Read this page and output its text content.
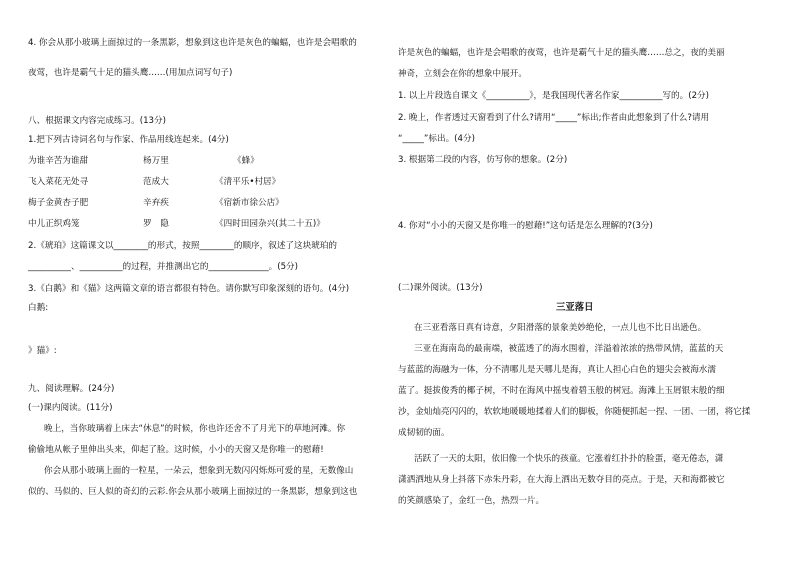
4. 你会从那小玻璃上面掠过的一条黑影，想象到这也许是灰色的蝙蝠，也许是会唱歌的
夜莺，也许是霸气十足的猫头鹰……(用加点词写句子)
八、根据课文内容完成练习。(13分)
1.把下列古诗词名句与作家、作品用线连起来。(4分)
为谁辛苦为谁甜	杨万里	《蜂》
飞入菜花无处寻	范成大	《清平乐•村居》
梅子金黄杏子肥	辛弃疾	《宿新市徐公店》
中儿正织鸡笼	罗　隐	《四时田园杂兴(其二十五)》
2.《琥珀》这篇课文以________的形式，按照________的顺序，叙述了这块琥珀的
__________、__________的过程，并推测出它的______________。(5分)
3.《白鹅》和《猫》这两篇文章的语言都很有特色。请你默写印象深刻的语句。(4分)
白鹅:
》猫》:
九、阅读理解。(24分)
(一)课内阅读。(11分)
晚上，当你玻璃着上床去“休息”的时候，你也许还舍不了月光下的草地河滩。你
偷偷地从帐子里伸出头来，仰起了脸。这时候，小小的天窗又是你唯一的慰藉!
你会从那小玻璃上面的一粒星，一朵云，想象到无数闪闪烁烁可爱的星，无数像山
似的、马似的、巨人似的奇幻的云彩.你会从那小玻璃上面掠过的一条黑影，想象到这也
许是灰色的蝙蝠，也许是会唱歌的夜莺，也许是霸气十足的猫头鹰……总之，夜的美丽
神奇，立刻会在你的想象中展开。
1. 以上片段选自课文《__________》，是我国现代著名作家__________写的。(2分)
2. 晚上，作者透过天窗看到了什么?请用“_____”标出;作者由此想象到了什么?请用
“_____”标出。(4分)
3. 根据第二段的内容，仿写你的想象。(2分)
4. 你对“小小的天窗又是你唯一的慰藉!”这句话是怎么理解的?(3分)
(二)课外阅读。(13分)
三亚落日
在三亚看落日真有诗意，夕阳滑落的景象美妙绝伦，一点儿也不比日出逊色。
三亚在海南岛的最南端，被蓝透了的海水围着，洋溢着浓浓的热带风情，蓝蓝的天
与蓝蓝的海融为一体，分不清哪儿是天哪儿是海，真让人担心白色的翅尖会被海水濡
蓝了。挺拔俊秀的椰子树，不时在海风中摇曳着碧玉般的树冠。海滩上玉屑银末般的细
沙，金灿灿亮闪闪的，软软地暖暖地揉着人们的脚板，你随便抓起一捏、一团、一团，将它揉
成韧韧的面。
活跃了一天的太阳，依旧像一个快乐的孩童。它涨着红扑扑的脸蛋，毫无倦态，潇
潇洒洒地从身上抖落下赤朱丹彩，在大海上洒出无数夺目的亮点。于是，天和海都被它
的笑颜感染了，金红一色，热烈一片。
